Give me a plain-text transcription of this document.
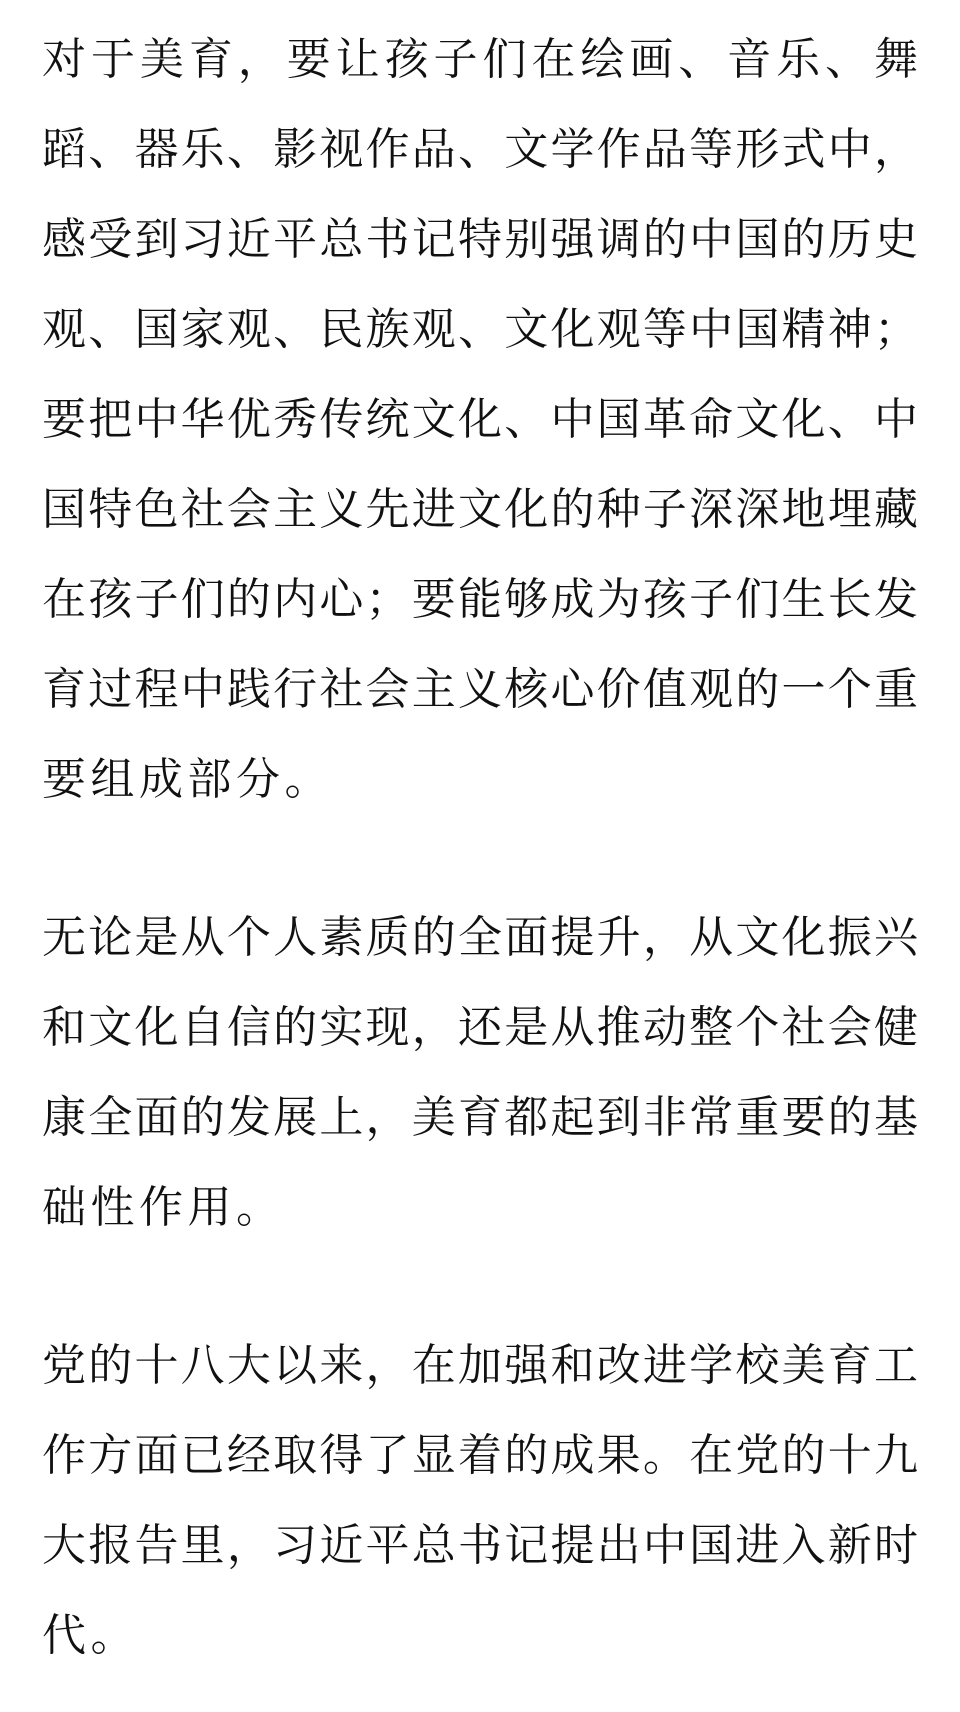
对于美育，要让孩子们在绘画、音乐、舞
蹈、器乐、影视作品、文学作品等形式中，
感受到习近平总书记特别强调的中国的历史
观、国家观、民族观、文化观等中国精神；
要把中华优秀传统文化、中国革命文化、中
国特色社会主义先进文化的种子深深地埋藏
在孩子们的内心；要能够成为孩子们生长发
育过程中践行社会主义核心价值观的一个重
要组成部分。
无论是从个人素质的全面提升，从文化振兴
和文化自信的实现，还是从推动整个社会健
康全面的发展上，美育都起到非常重要的基
础性作用。
党的十八大以来，在加强和改进学校美育工
作方面已经取得了显着的成果。在党的十九
大报告里，习近平总书记提出中国进入新时
代。
